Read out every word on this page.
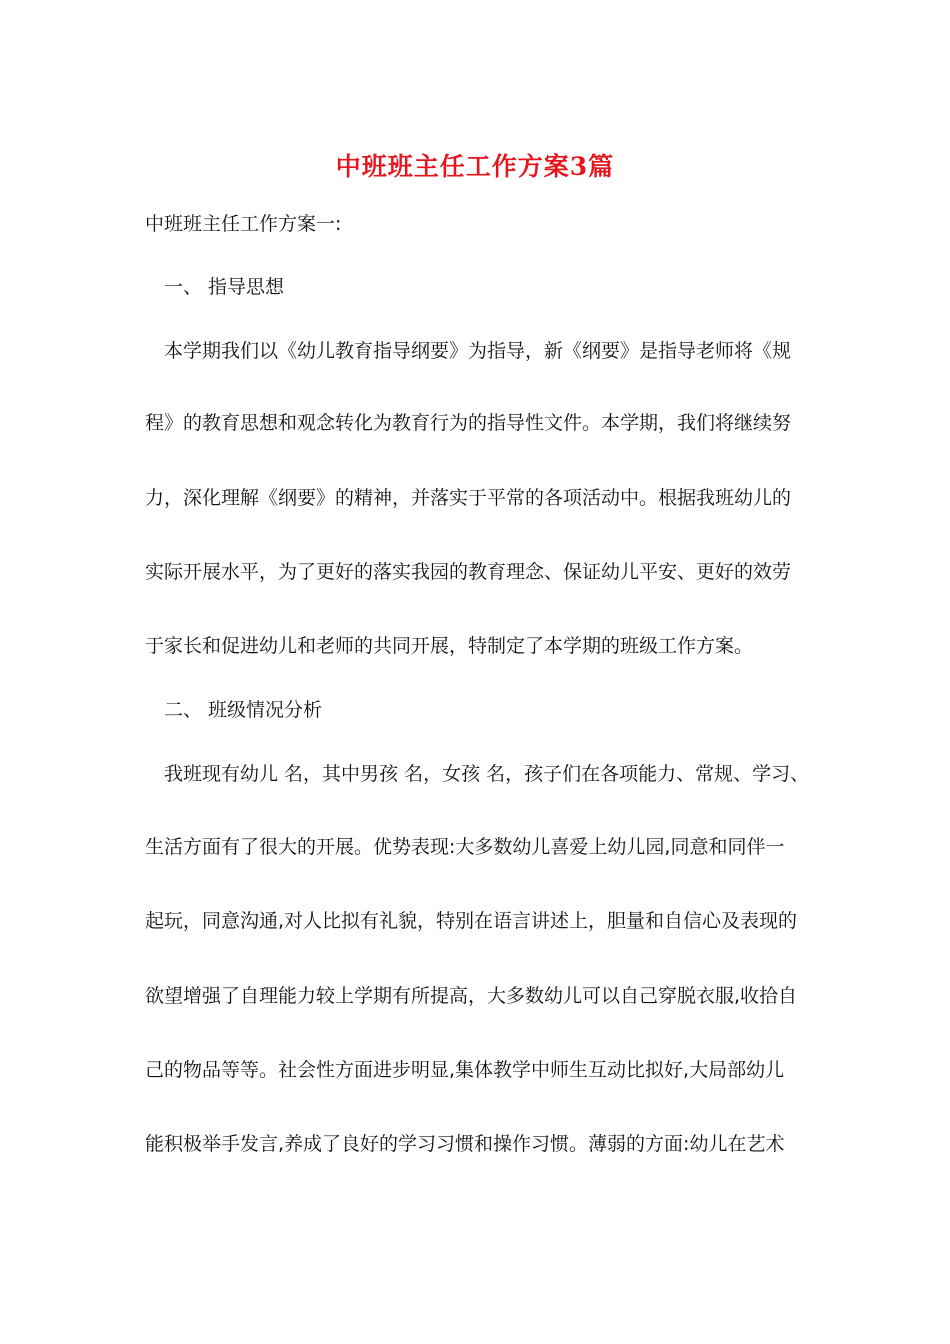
中班班主任工作方案3篇
中班班主任工作方案一:
一、 指导思想
本学期我们以《幼儿教育指导纲要》为指导，新《纲要》是指导老师将《规
程》的教育思想和观念转化为教育行为的指导性文件。本学期，我们将继续努
力，深化理解《纲要》的精神，并落实于平常的各项活动中。根据我班幼儿的
实际开展水平，为了更好的落实我园的教育理念、保证幼儿平安、更好的效劳
于家长和促进幼儿和老师的共同开展，特制定了本学期的班级工作方案。
二、 班级情况分析
我班现有幼儿 名，其中男孩 名，女孩 名，孩子们在各项能力、常规、学习、
生活方面有了很大的开展。优势表现:大多数幼儿喜爱上幼儿园,同意和同伴一
起玩，同意沟通,对人比拟有礼貌，特别在语言讲述上，胆量和自信心及表现的
欲望增强了自理能力较上学期有所提高，大多数幼儿可以自己穿脱衣服,收拾自
己的物品等等。社会性方面进步明显,集体教学中师生互动比拟好,大局部幼儿
能积极举手发言,养成了良好的学习习惯和操作习惯。薄弱的方面:幼儿在艺术
